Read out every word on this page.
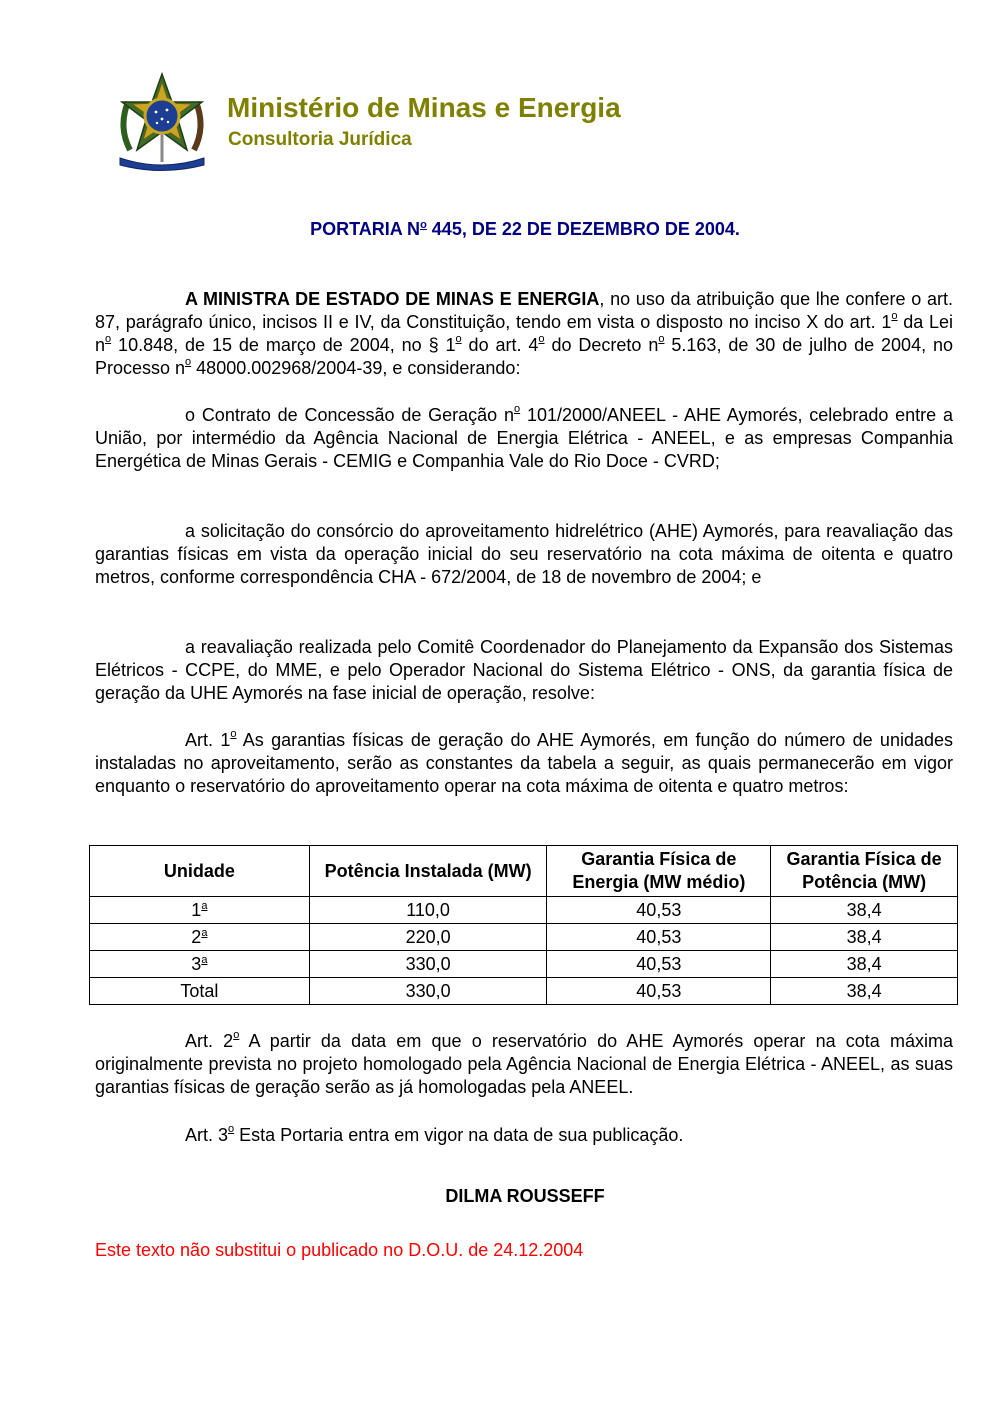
Ministério de Minas e Energia
Consultoria Jurídica
PORTARIA $N^o$ 445, DE 22 DE DEZEMBRO DE 2004.
A MINISTRA DE ESTADO DE MINAS E ENERGIA, no uso da atribuição que lhe confere o art. 87, parágrafo único, incisos II e IV, da Constituição, tendo em vista o disposto no inciso X do art. 1$^o$ da Lei $n^o$ 10.848, de 15 de março de 2004, no § 1$^o$ do art. 4$^o$ do Decreto $n^o$ 5.163, de 30 de julho de 2004, no Processo $n^o$ 48000.002968/2004-39, e considerando:
o Contrato de Concessão de Geração $n^o$ 101/2000/ANEEL - AHE Aymorés, celebrado entre a União, por intermédio da Agência Nacional de Energia Elétrica - ANEEL, e as empresas Companhia Energética de Minas Gerais - CEMIG e Companhia Vale do Rio Doce - CVRD;
a solicitação do consórcio do aproveitamento hidrelétrico (AHE) Aymorés, para reavaliação das garantias físicas em vista da operação inicial do seu reservatório na cota máxima de oitenta e quatro metros, conforme correspondência CHA - 672/2004, de 18 de novembro de 2004; e
a reavaliação realizada pelo Comitê Coordenador do Planejamento da Expansão dos Sistemas Elétricos - CCPE, do MME, e pelo Operador Nacional do Sistema Elétrico - ONS, da garantia física de geração da UHE Aymorés na fase inicial de operação, resolve:
Art. 1$^o$ As garantias físicas de geração do AHE Aymorés, em função do número de unidades instaladas no aproveitamento, serão as constantes da tabela a seguir, as quais permanecerão em vigor enquanto o reservatório do aproveitamento operar na cota máxima de oitenta e quatro metros:
Unidade	Potência Instalada (MW)	Garantia Física de Energia (MW médio)	Garantia Física de Potência (MW)
1$^a$	110,0	40,53	38,4
2$^a$	220,0	40,53	38,4
3$^a$	330,0	40,53	38,4
Total	330,0	40,53	38,4
Art. 2$^o$ A partir da data em que o reservatório do AHE Aymorés operar na cota máxima originalmente prevista no projeto homologado pela Agência Nacional de Energia Elétrica - ANEEL, as suas garantias físicas de geração serão as já homologadas pela ANEEL.
Art. 3$^o$ Esta Portaria entra em vigor na data de sua publicação.
DILMA ROUSSEFF
Este texto não substitui o publicado no D.O.U. de 24.12.2004
